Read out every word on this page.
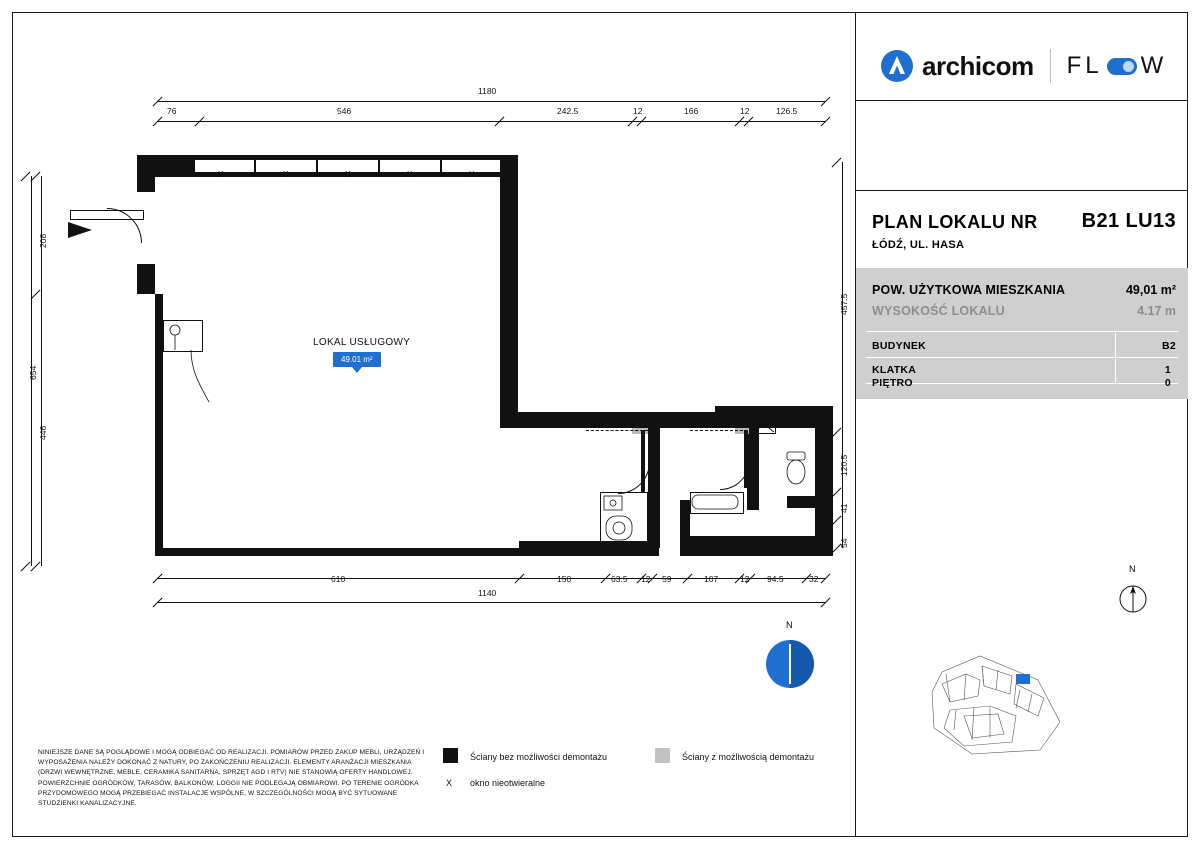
archicom F L W
PLAN LOKALU NR B21 LU13
ŁÓDŹ, UL. HASA
POW. UŻYTKOWA MIESZKANIA	49,01 m²
WYSOKOŚĆ LOKALU	4.17 m
BUDYNEK	B2
KLATKA	1
PIĘTRO	0
N
1180
76	546	242.5	12	166	12	126.5
208
654
446
457.5
120.5
41
54
610	150	63.5 12 59	107	12 94.5	32
1140
X	X	X	X	X
LOKAL USŁUGOWY
49.01 m²
N
Ściany bez możliwości demontażu	Ściany z możliwością demontażu
X okno nieotwieralne
NINIEJSZE DANE SĄ POGLĄDOWE I MOGĄ ODBIEGAĆ OD REALIZACJI. POMIARÓW PRZED ZAKUP MEBLI, URZĄDZEŃ I WYPOSAŻENIA NALEŻY DOKONAĆ Z NATURY, PO ZAKOŃCZENIU REALIZACJI. ELEMENTY ARANŻACJI MIESZKANIA (DRZWI WEWNĘTRZNE, MEBLE, CERAMIKA SANITARNA, SPRZĘT AGD I RTV) NIE STANOWIĄ OFERTY HANDLOWEJ. POWIERZCHNIE OGRÓDKÓW, TARASÓW, BALKONÓW, LOGGII NIE PODLEGAJĄ OBMIAROWI. PO TERENIE OGRÓDKA PRZYDOMOWEGO MOGĄ PRZEBIEGAĆ INSTALACJE WSPÓLNE, W SZCZEGÓLNOŚCI MOGĄ BYĆ SYTUOWANE STUDZIENKI KANALIZACYJNE.
